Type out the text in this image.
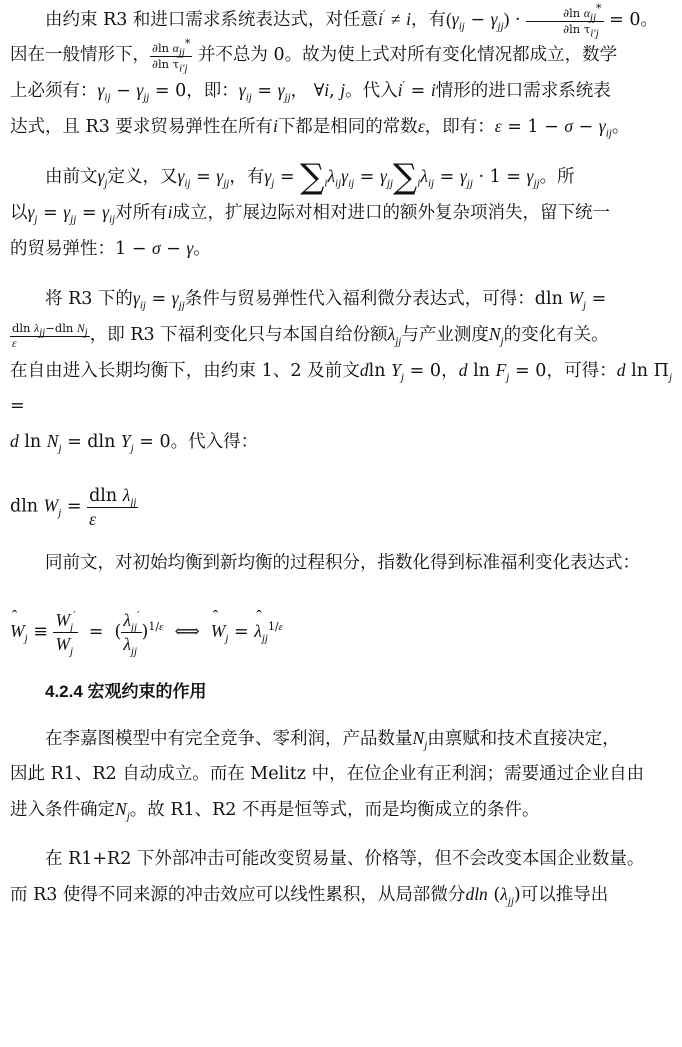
由约束 R3 和进口需求系统表达式，对任意i′ ≠ i，有$(\gamma_{ij} - \gamma_{jj}) \cdot \frac{\partial\ln \alpha_{jj}^*}{\partial\ln \tau_{i'j}} = 0$。

因在一般情形下， $\frac{\partial\ln \alpha_{jj}^*}{\partial\ln \tau_{i'j}}$ 并不总为 0。故为使上式对所有变化情况都成立，数学

上必须有：$\gamma_{ij} - \gamma_{jj} = 0$，即：$\gamma_{ij} = \gamma_{jj}$， ∀i, j。代入i′ = i情形的进口需求系统表

达式，且 R3 要求贸易弹性在所有i下都是相同的常数ε，即有：$\varepsilon = 1 - \sigma - \gamma_{ij}$。

由前文$\gamma_j$定义，又$\gamma_{ij} = \gamma_{jj}$，有$\gamma_j = \sum_i\lambda_{ij}\gamma_{ij} = \gamma_{jj}\sum_i\lambda_{ij} = \gamma_{jj} \cdot 1 = \gamma_{jj}$。所

以$\gamma_j = \gamma_{jj} = \gamma_{ij}$对所有i成立，扩展边际对相对进口的额外复杂项消失，留下统一

的贸易弹性：1 − σ − γ。

将 R3 下的$\gamma_{ij} = \gamma_{jj}$条件与贸易弹性代入福利微分表达式，可得：dln $W_j$ =

$\frac{dln \lambda_{jj}-dln N_j}{\varepsilon}$ ，即 R3 下福利变化只与本国自给份额$\lambda_{jj}$与产业测度$N_j$的变化有关。

在自由进入长期均衡下，由约束 1、2 及前文dln $Y_j = 0$，d $\ln F_j = 0$，可得：d $\ln \Pi_j$ =

d $\ln N_j = dln$ $Y_j = 0$。代入得：

dln $W_j = \frac{dln \lambda_{jj}}{\varepsilon}$

同前文，对初始均衡到新均衡的过程积分，指数化得到标准福利变化表达式：

ˆ $W_j \equiv \frac{W_j'}{W_j}$ =  ( $\frac{\lambda_{jj}'}{\lambda_{jj}} )^{1/\varepsilon}$  ⟺  ˆ $W_j$ = ˆ $\lambda_{jj}^{1/\varepsilon}$

4.2.4 宏观约束的作用

在李嘉图模型中有完全竞争、零利润，产品数量$N_j$由禀赋和技术直接决定，

因此 R1、R2 自动成立。而在 Melitz 中，在位企业有正利润；需要通过企业自由

进入条件确定$N_j$。故 R1、R2 不再是恒等式，而是均衡成立的条件。

在 R1+R2 下外部冲击可能改变贸易量、价格等，但不会改变本国企业数量。

而 R3 使得不同来源的冲击效应可以线性累积，从局部微分dln $(\lambda_{jj})$可以推导出
